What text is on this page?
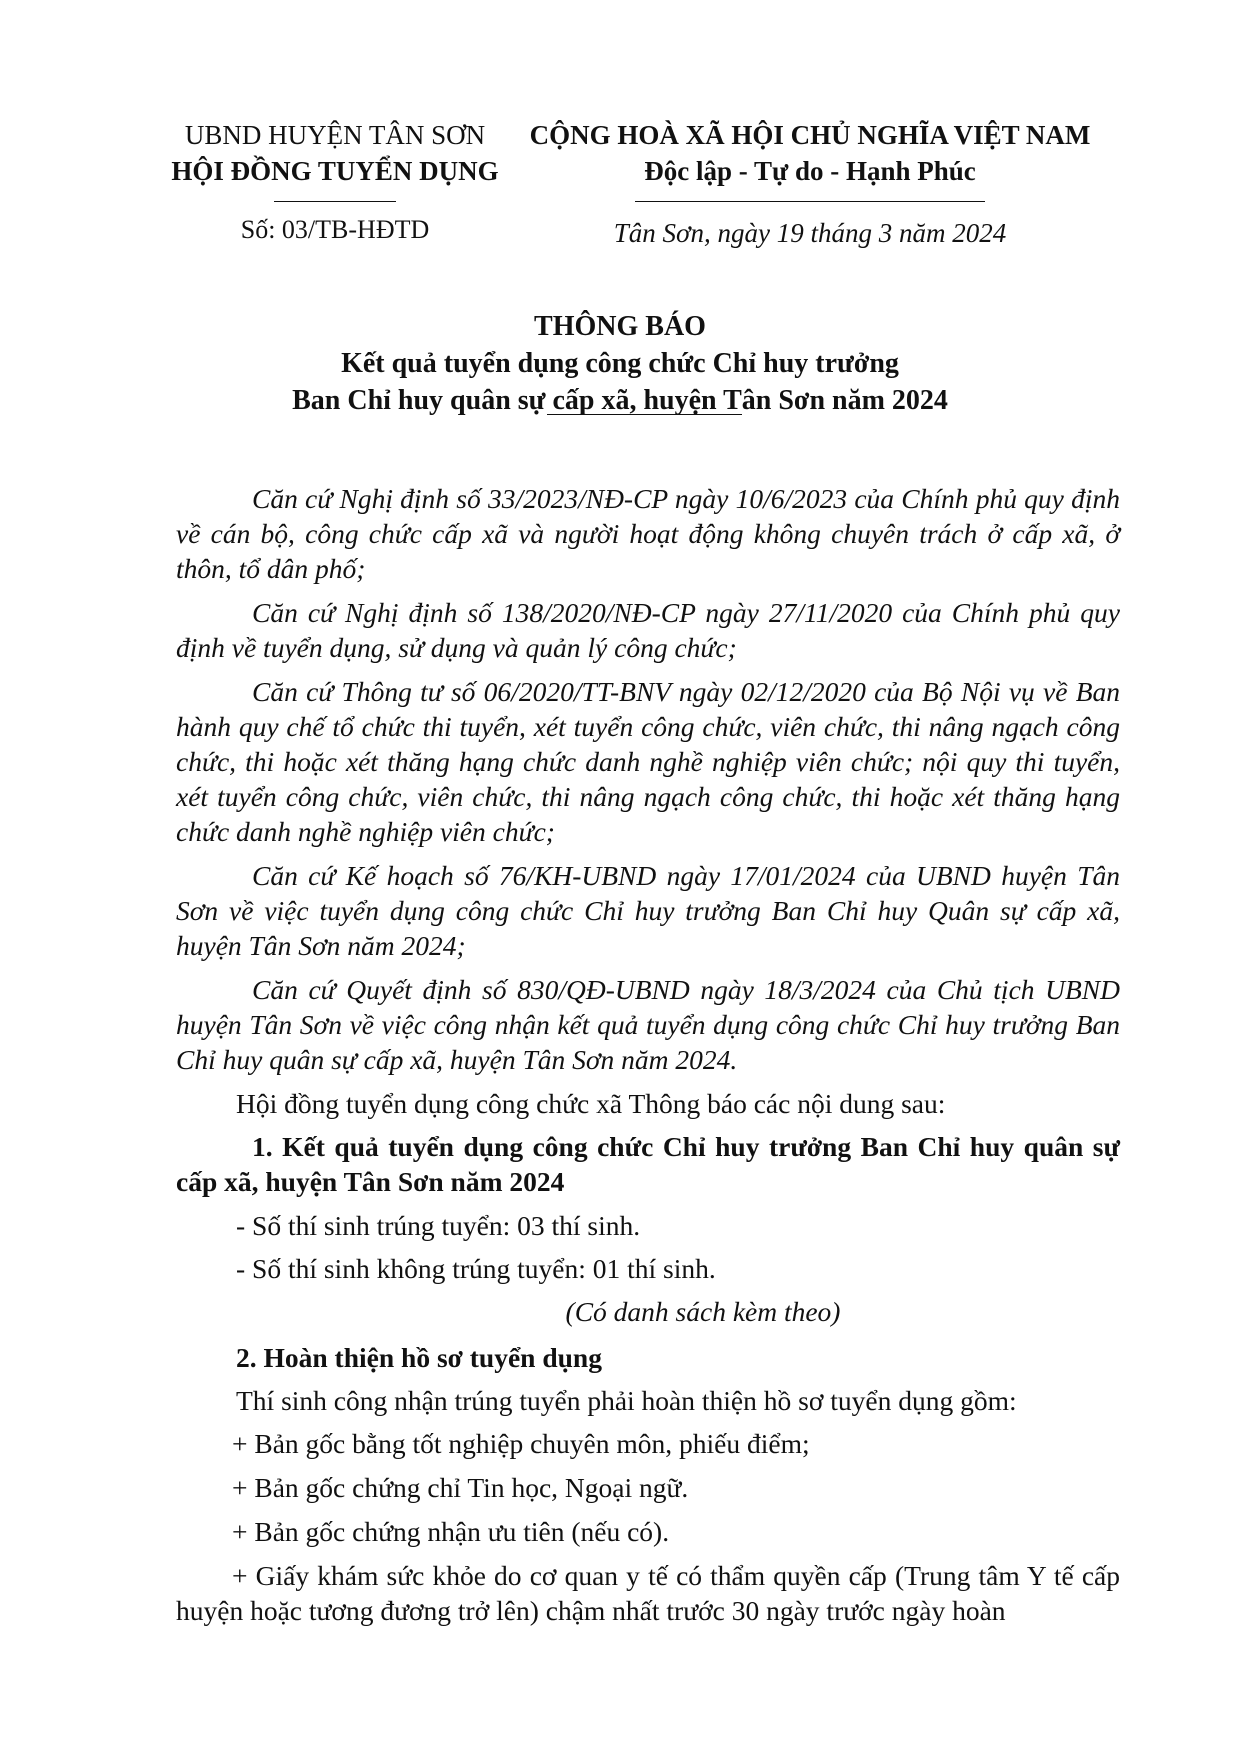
UBND HUYỆN TÂN SƠN
HỘI ĐỒNG TUYỂN DỤNG
CỘNG HOÀ XÃ HỘI CHỦ NGHĨA VIỆT NAM
Độc lập - Tự do - Hạnh Phúc
Số: 03/TB-HĐTD	Tân Sơn, ngày 19 tháng 3 năm 2024
THÔNG BÁO
Kết quả tuyển dụng công chức Chỉ huy trưởng
Ban Chỉ huy quân sự cấp xã, huyện Tân Sơn năm 2024

Căn cứ Nghị định số 33/2023/NĐ-CP ngày 10/6/2023 của Chính phủ quy định về cán bộ, công chức cấp xã và người hoạt động không chuyên trách ở cấp xã, ở thôn, tổ dân phố;

Căn cứ Nghị định số 138/2020/NĐ-CP ngày 27/11/2020 của Chính phủ quy định về tuyển dụng, sử dụng và quản lý công chức;

Căn cứ Thông tư số 06/2020/TT-BNV ngày 02/12/2020 của Bộ Nội vụ về Ban hành quy chế tổ chức thi tuyển, xét tuyển công chức, viên chức, thi nâng ngạch công chức, thi hoặc xét thăng hạng chức danh nghề nghiệp viên chức; nội quy thi tuyển, xét tuyển công chức, viên chức, thi nâng ngạch công chức, thi hoặc xét thăng hạng chức danh nghề nghiệp viên chức;

Căn cứ Kế hoạch số 76/KH-UBND ngày 17/01/2024 của UBND huyện Tân Sơn về việc tuyển dụng công chức Chỉ huy trưởng Ban Chỉ huy Quân sự cấp xã, huyện Tân Sơn năm 2024;

Căn cứ Quyết định số 830/QĐ-UBND ngày 18/3/2024 của Chủ tịch UBND huyện Tân Sơn về việc công nhận kết quả tuyển dụng công chức Chỉ huy trưởng Ban Chỉ huy quân sự cấp xã, huyện Tân Sơn năm 2024.

Hội đồng tuyển dụng công chức xã Thông báo các nội dung sau:

1. Kết quả tuyển dụng công chức Chỉ huy trưởng Ban Chỉ huy quân sự cấp xã, huyện Tân Sơn năm 2024

- Số thí sinh trúng tuyển: 03 thí sinh.

- Số thí sinh không trúng tuyển: 01 thí sinh.

(Có danh sách kèm theo)

2. Hoàn thiện hồ sơ tuyển dụng

Thí sinh công nhận trúng tuyển phải hoàn thiện hồ sơ tuyển dụng gồm:

+ Bản gốc bằng tốt nghiệp chuyên môn, phiếu điểm;

+ Bản gốc chứng chỉ Tin học, Ngoại ngữ.

+ Bản gốc chứng nhận ưu tiên (nếu có).

+ Giấy khám sức khỏe do cơ quan y tế có thẩm quyền cấp (Trung tâm Y tế cấp huyện hoặc tương đương trở lên) chậm nhất trước 30 ngày trước ngày hoàn
